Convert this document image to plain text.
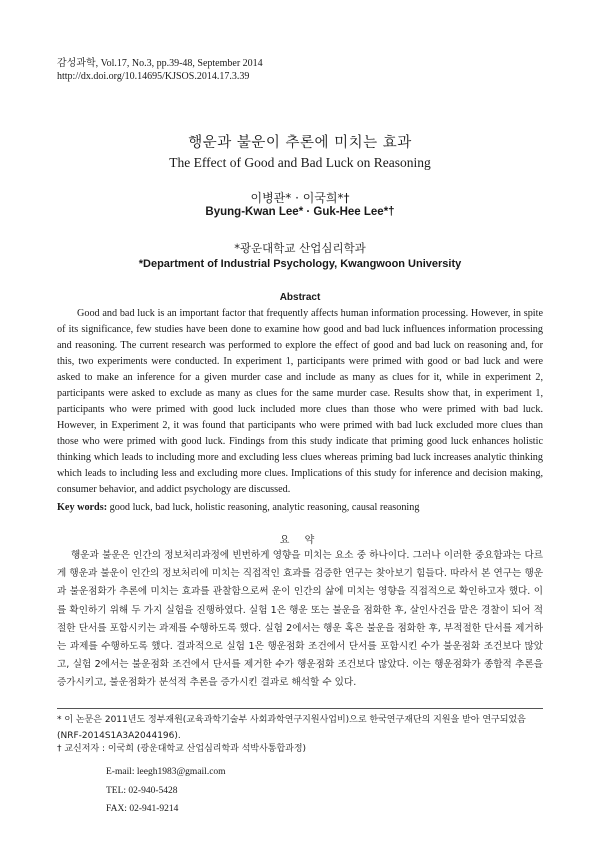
감성과학, Vol.17, No.3, pp.39-48, September 2014
http://dx.doi.org/10.14695/KJSOS.2014.17.3.39
행운과 불운이 추론에 미치는 효과
The Effect of Good and Bad Luck on Reasoning
이병관* · 이국희*†
Byung-Kwan Lee* · Guk-Hee Lee*†
*광운대학교 산업심리학과
*Department of Industrial Psychology, Kwangwoon University
Abstract

Good and bad luck is an important factor that frequently affects human information processing. However, in spite of its significance, few studies have been done to examine how good and bad luck influences information processing and reasoning. The current research was performed to explore the effect of good and bad luck on reasoning and, for this, two experiments were conducted. In experiment 1, participants were primed with good or bad luck and were asked to make an inference for a given murder case and include as many as clues for it, while in experiment 2, participants were asked to exclude as many as clues for the same murder case. Results show that, in experiment 1, participants who were primed with good luck included more clues than those who were primed with bad luck. However, in Experiment 2, it was found that participants who were primed with bad luck excluded more clues than those who were primed with good luck. Findings from this study indicate that priming good luck enhances holistic thinking which leads to including more and excluding less clues whereas priming bad luck increases analytic thinking which leads to including less and excluding more clues. Implications of this study for inference and decision making, consumer behavior, and addict psychology are discussed.

Key words: good luck, bad luck, holistic reasoning, analytic reasoning, causal reasoning
요 약

행운과 불운은 인간의 정보처리과정에 빈번하게 영향을 미치는 요소 중 하나이다. 그러나 이러한 중요함과는 다르게 행운과 불운이 인간의 정보처리에 미치는 직접적인 효과를 검증한 연구는 찾아보기 힘들다. 따라서 본 연구는 행운과 불운점화가 추론에 미치는 효과를 관찰함으로써 운이 인간의 삶에 미치는 영향을 직접적으로 확인하고자 했다. 이를 확인하기 위해 두 가지 실험을 진행하였다. 실험 1은 행운 또는 불운을 점화한 후, 살인사건을 맡은 경찰이 되어 적절한 단서를 포함시키는 과제를 수행하도록 했다. 실험 2에서는 행운 혹은 불운을 점화한 후, 부적절한 단서를 제거하는 과제를 수행하도록 했다. 결과적으로 실험 1은 행운점화 조건에서 단서를 포함시킨 수가 불운점화 조건보다 많았고, 실험 2에서는 불운점화 조건에서 단서를 제거한 수가 행운점화 조건보다 많았다. 이는 행운점화가 종합적 추론을 증가시키고, 불운점화가 분석적 추론을 증가시킨 결과로 해석할 수 있다.

* 이 논문은 2011년도 정부재원(교육과학기술부 사회과학연구지원사업비)으로 한국연구재단의 지원을 받아 연구되었음 (NRF-2014S1A3A2044196).
† 교신저자 : 이국희 (광운대학교 산업심리학과 석박사통합과정)
E-mail: leegh1983@gmail.com
TEL: 02-940-5428
FAX: 02-941-9214
